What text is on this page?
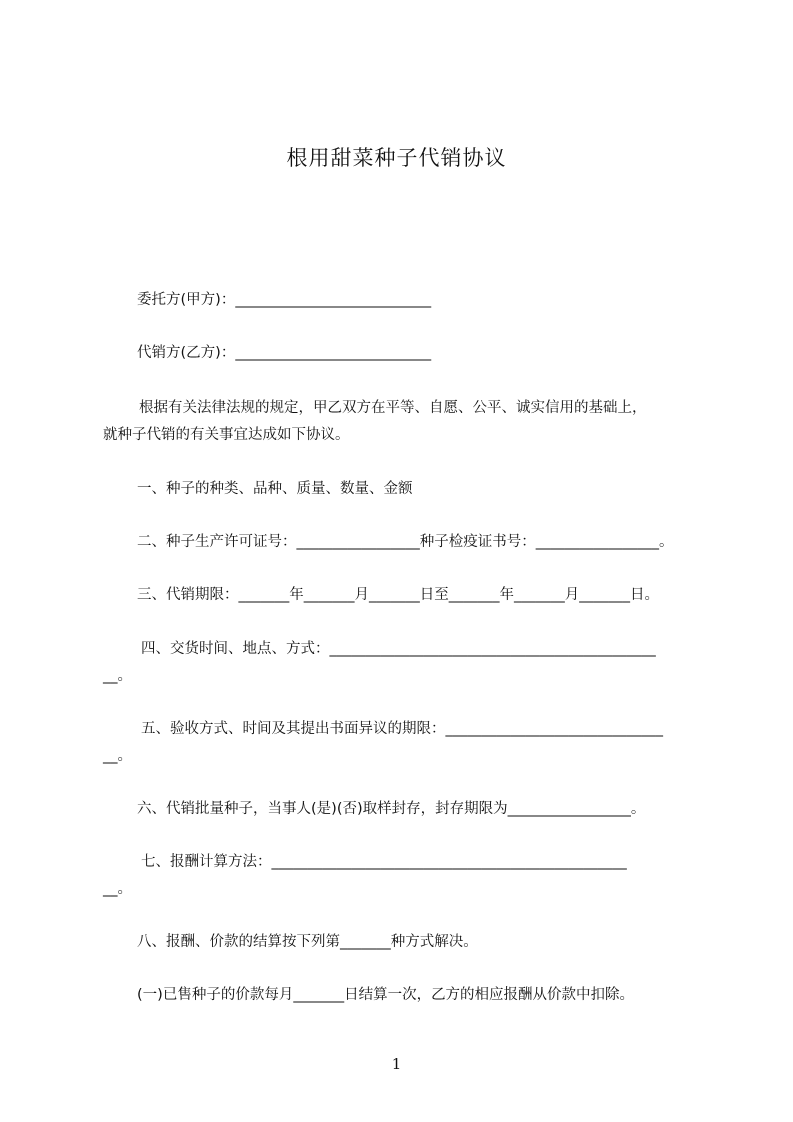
根用甜菜种子代销协议
委托方(甲方)：___________________________
代销方(乙方)：___________________________
根据有关法律法规的规定，甲乙双方在平等、自愿、公平、诚实信用的基础上，
就种子代销的有关事宜达成如下协议。
一、种子的种类、品种、质量、数量、金额
二、种子生产许可证号：_________________种子检疫证书号：_________________。
三、代销期限：_______年_______月_______日至_______年_______月_______日。
四、交货时间、地点、方式：_____________________________________________
__。
五、验收方式、时间及其提出书面异议的期限：______________________________
__。
六、代销批量种子，当事人(是)(否)取样封存，封存期限为_________________。
七、报酬计算方法：_________________________________________________
__。
八、报酬、价款的结算按下列第_______种方式解决。
(一)已售种子的价款每月_______日结算一次，乙方的相应报酬从价款中扣除。
1
